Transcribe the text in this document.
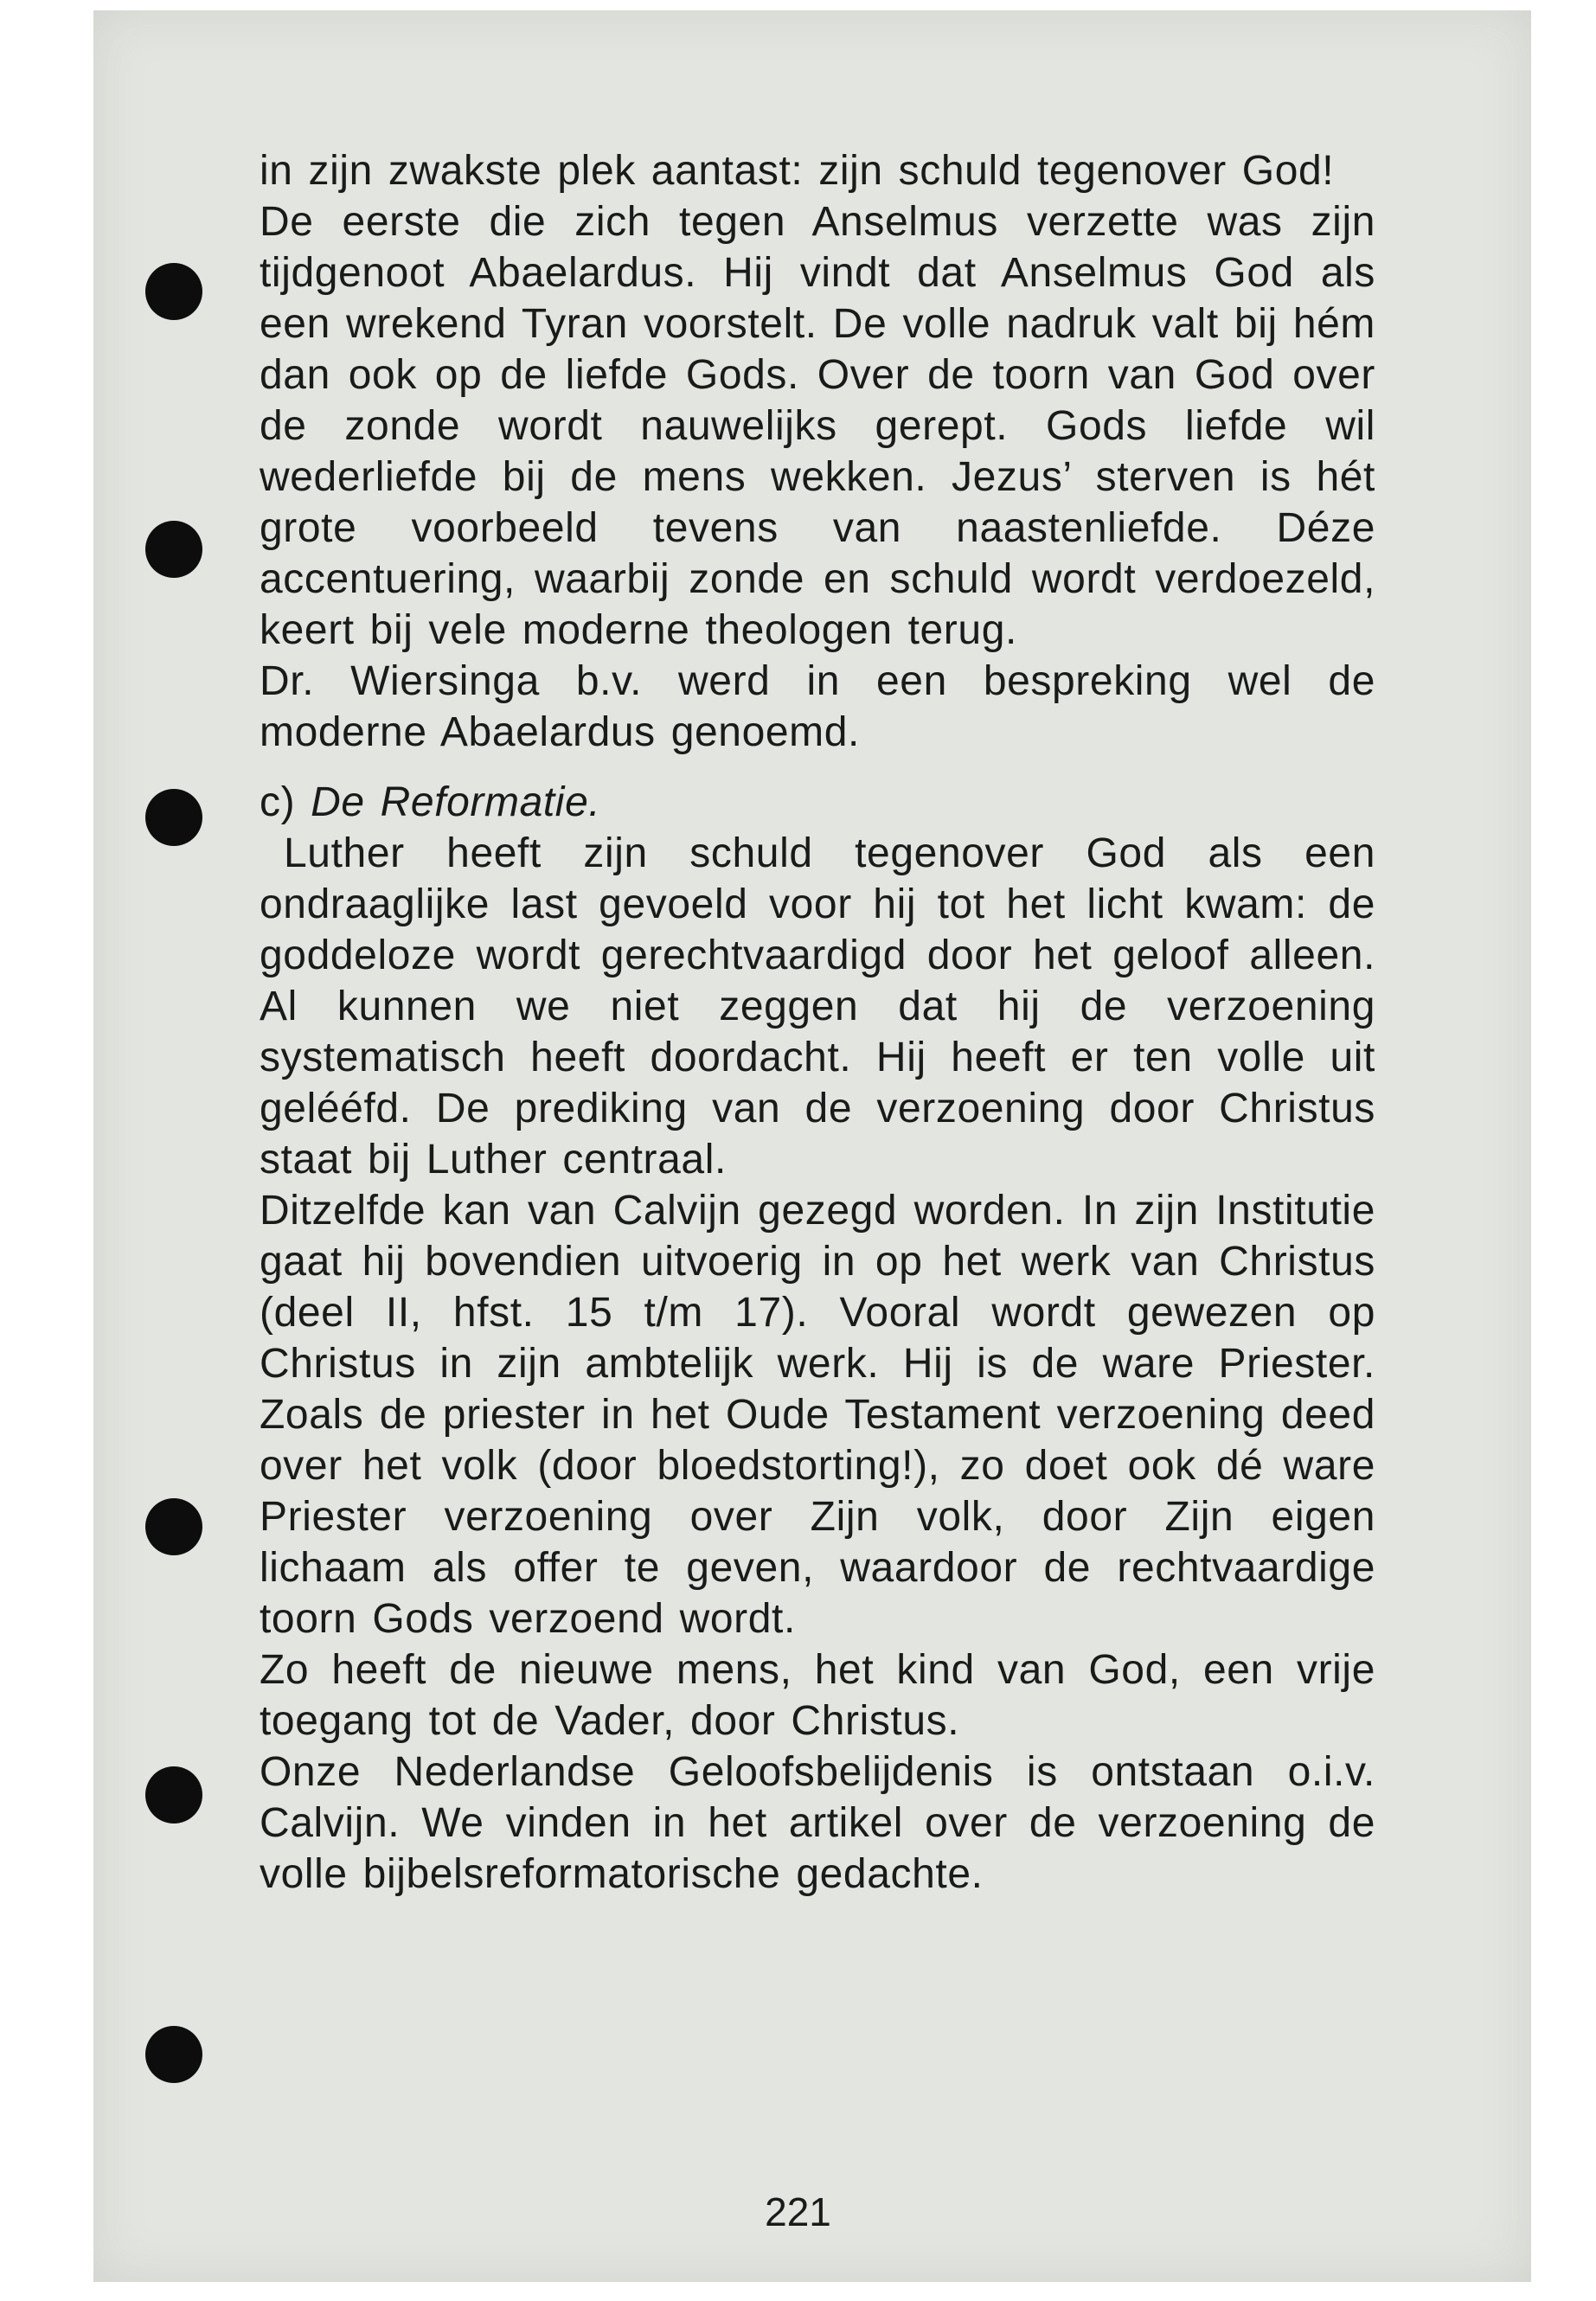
in zijn zwakste plek aantast: zijn schuld tegenover God!

De eerste die zich tegen Anselmus verzette was zijn tijdgenoot Abaelardus. Hij vindt dat Anselmus God als een wrekend Tyran voorstelt. De volle nadruk valt bij hém dan ook op de liefde Gods. Over de toorn van God over de zonde wordt nauwelijks gerept. Gods liefde wil wederliefde bij de mens wekken. Jezus’ sterven is hét grote voorbeeld tevens van naastenliefde. Déze accentuering, waarbij zonde en schuld wordt verdoezeld, keert bij vele moderne theologen terug.

Dr. Wiersinga b.v. werd in een bespreking wel de moderne Abaelardus genoemd.

c) De Reformatie.

Luther heeft zijn schuld tegenover God als een ondraaglijke last gevoeld voor hij tot het licht kwam: de goddeloze wordt gerechtvaardigd door het geloof alleen. Al kunnen we niet zeggen dat hij de verzoening systematisch heeft doordacht. Hij heeft er ten volle uit gelééfd. De prediking van de verzoening door Christus staat bij Luther centraal.

Ditzelfde kan van Calvijn gezegd worden. In zijn Institutie gaat hij bovendien uitvoerig in op het werk van Christus (deel II, hfst. 15 t/m 17). Vooral wordt gewezen op Christus in zijn ambtelijk werk. Hij is de ware Priester. Zoals de priester in het Oude Testament verzoening deed over het volk (door bloedstorting!), zo doet ook dé ware Priester verzoening over Zijn volk, door Zijn eigen lichaam als offer te geven, waardoor de rechtvaardige toorn Gods verzoend wordt.

Zo heeft de nieuwe mens, het kind van God, een vrije toegang tot de Vader, door Christus.

Onze Nederlandse Geloofsbelijdenis is ontstaan o.i.v. Calvijn. We vinden in het artikel over de verzoening de volle bijbelsreformatorische gedachte.

221
